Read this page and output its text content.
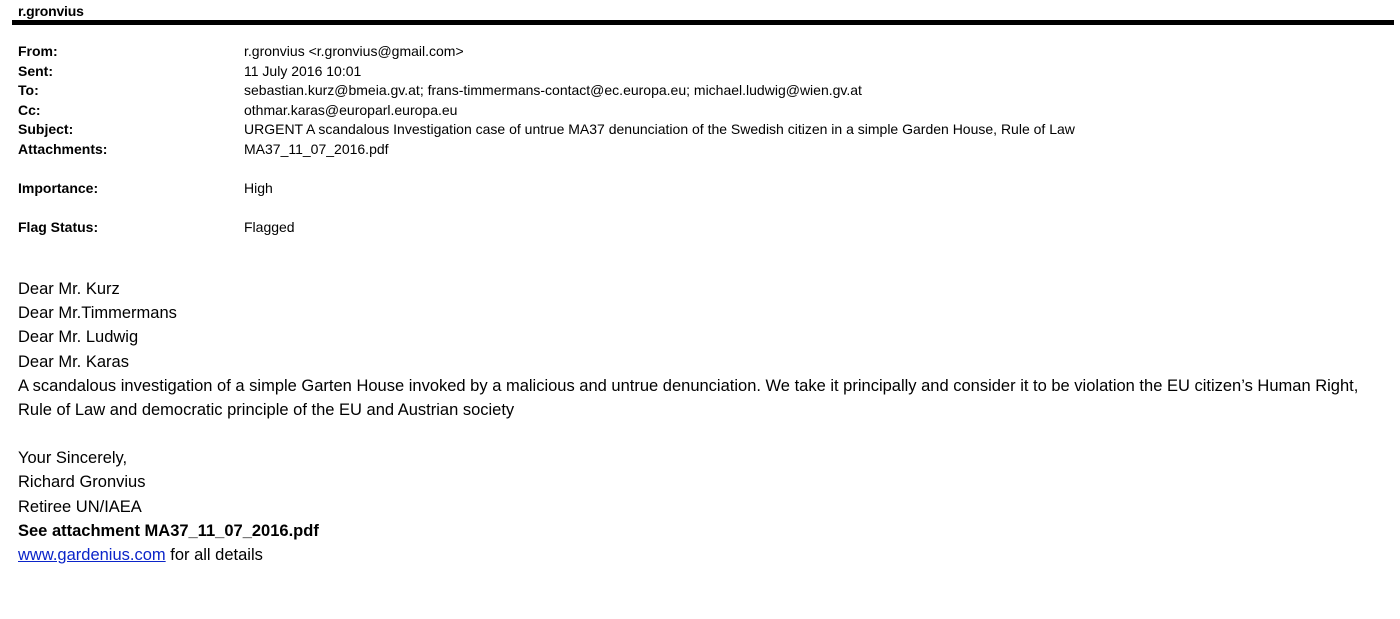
r.gronvius
From:	r.gronvius <r.gronvius@gmail.com>
Sent:	11 July 2016 10:01
To:	sebastian.kurz@bmeia.gv.at; frans-timmermans-contact@ec.europa.eu; michael.ludwig@wien.gv.at
Cc:	othmar.karas@europarl.europa.eu
Subject:	URGENT A scandalous Investigation case of untrue MA37 denunciation of the Swedish citizen in a simple Garden House, Rule of Law
Attachments:	MA37_11_07_2016.pdf
Importance:	High
Flag Status:	Flagged

Dear Mr. Kurz

Dear Mr.Timmermans

Dear Mr. Ludwig

Dear Mr. Karas

A scandalous investigation of a simple Garten House invoked by a malicious and untrue denunciation. We take it principally and consider it to be violation the EU citizen’s Human Right, Rule of Law and democratic principle of the EU and Austrian society

Your Sincerely,

Richard Gronvius

Retiree UN/IAEA

See attachment MA37_11_07_2016.pdf

www.gardenius.com for all details
